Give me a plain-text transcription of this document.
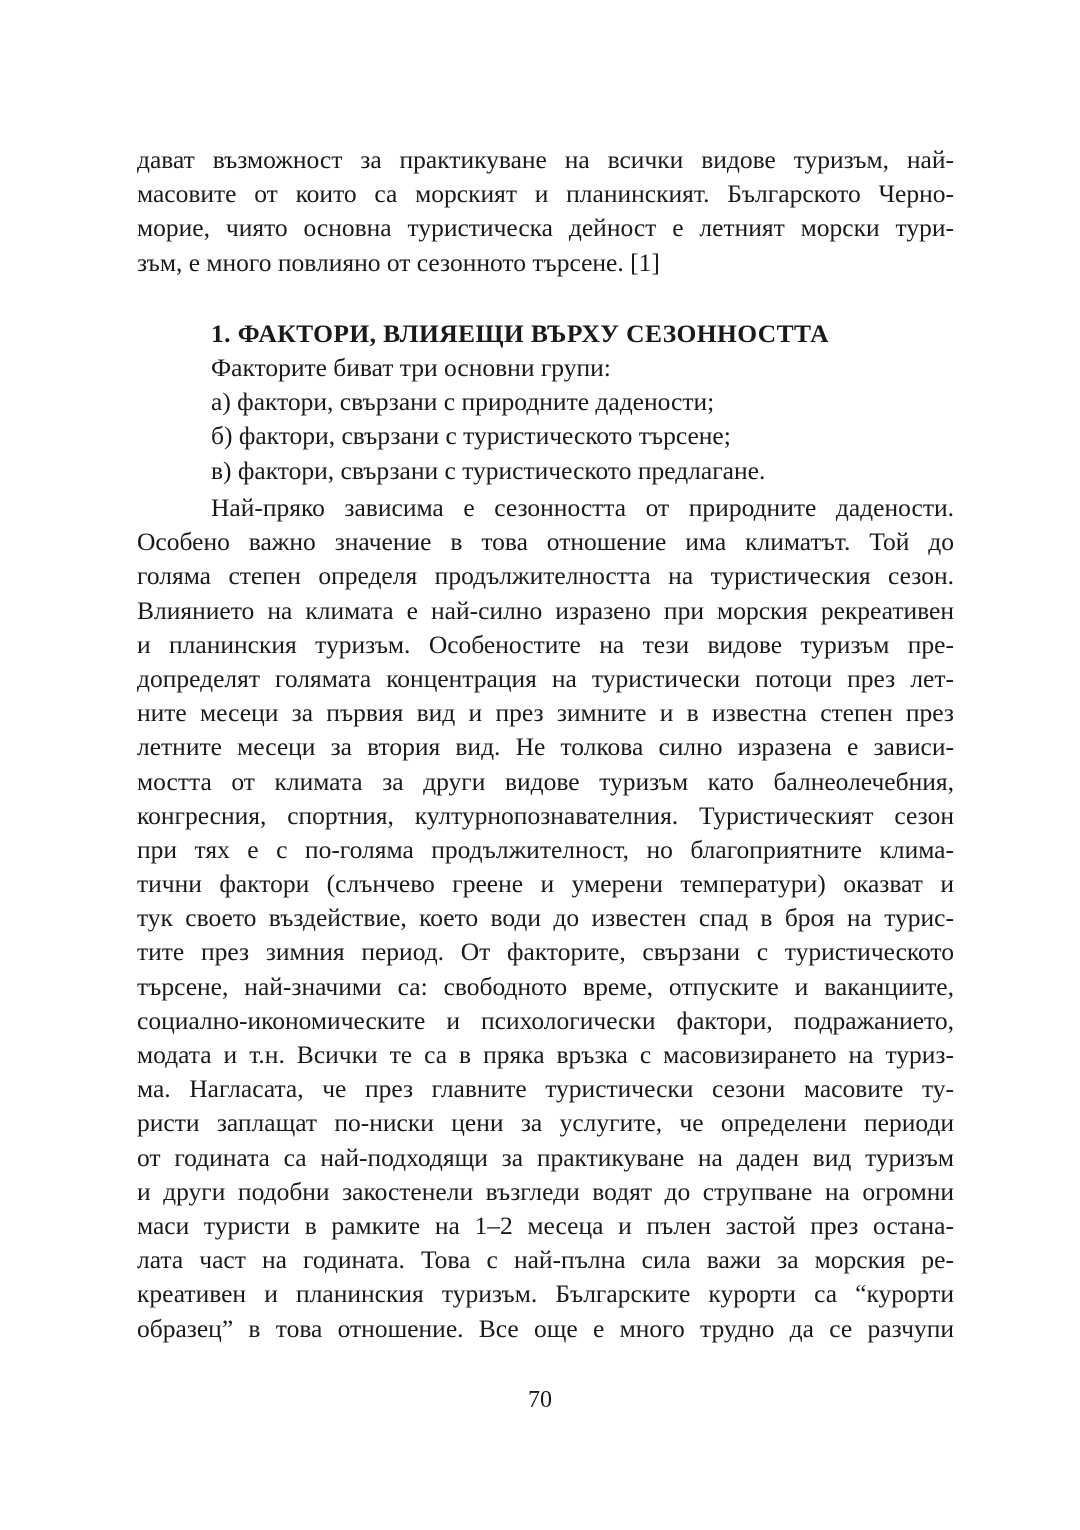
дават възможност за практикуване на всички видове туризъм, най-
масовите от които са морският и планинският. Българското Черно-
морие, чиято основна туристическа дейност е летният морски тури-
зъм, е много повлияно от сезонното търсене. [1]
1. ФАКТОРИ, ВЛИЯЕЩИ ВЪРХУ СЕЗОННОСТТА
Факторите биват три основни групи:
а) фактори, свързани с природните дадености;
б) фактори, свързани с туристическото търсене;
в) фактори, свързани с туристическото предлагане.
Най-пряко зависима е сезонността от природните дадености.
Особено важно значение в това отношение има климатът. Той до
голяма степен определя продължителността на туристическия сезон.
Влиянието на климата е най-силно изразено при морския рекреативен
и планинския туризъм. Особеностите на тези видове туризъм пре-
допределят голямата концентрация на туристически потоци през лет-
ните месеци за първия вид и през зимните и в известна степен през
летните месеци за втория вид. Не толкова силно изразена е зависи-
мостта от климата за други видове туризъм като балнеолечебния,
конгресния, спортния, културнопознавателния. Туристическият сезон
при тях е с по-голяма продължителност, но благоприятните клима-
тични фактори (слънчево греене и умерени температури) оказват и
тук своето въздействие, което води до известен спад в броя на турис-
тите през зимния период. От факторите, свързани с туристическото
търсене, най-значими са: свободното време, отпуските и ваканциите,
социално-икономическите и психологически фактори, подражанието,
модата и т.н. Всички те са в пряка връзка с масовизирането на туриз-
ма. Нагласата, че през главните туристически сезони масовите ту-
ристи заплащат по-ниски цени за услугите, че определени периоди
от годината са най-подходящи за практикуване на даден вид туризъм
и други подобни закостенели възгледи водят до струпване на огромни
маси туристи в рамките на 1–2 месеца и пълен застой през остана-
лата част на годината. Това с най-пълна сила важи за морския ре-
креативен и планинския туризъм. Българските курорти са “курорти
образец” в това отношение. Все още е много трудно да се разчупи
70
